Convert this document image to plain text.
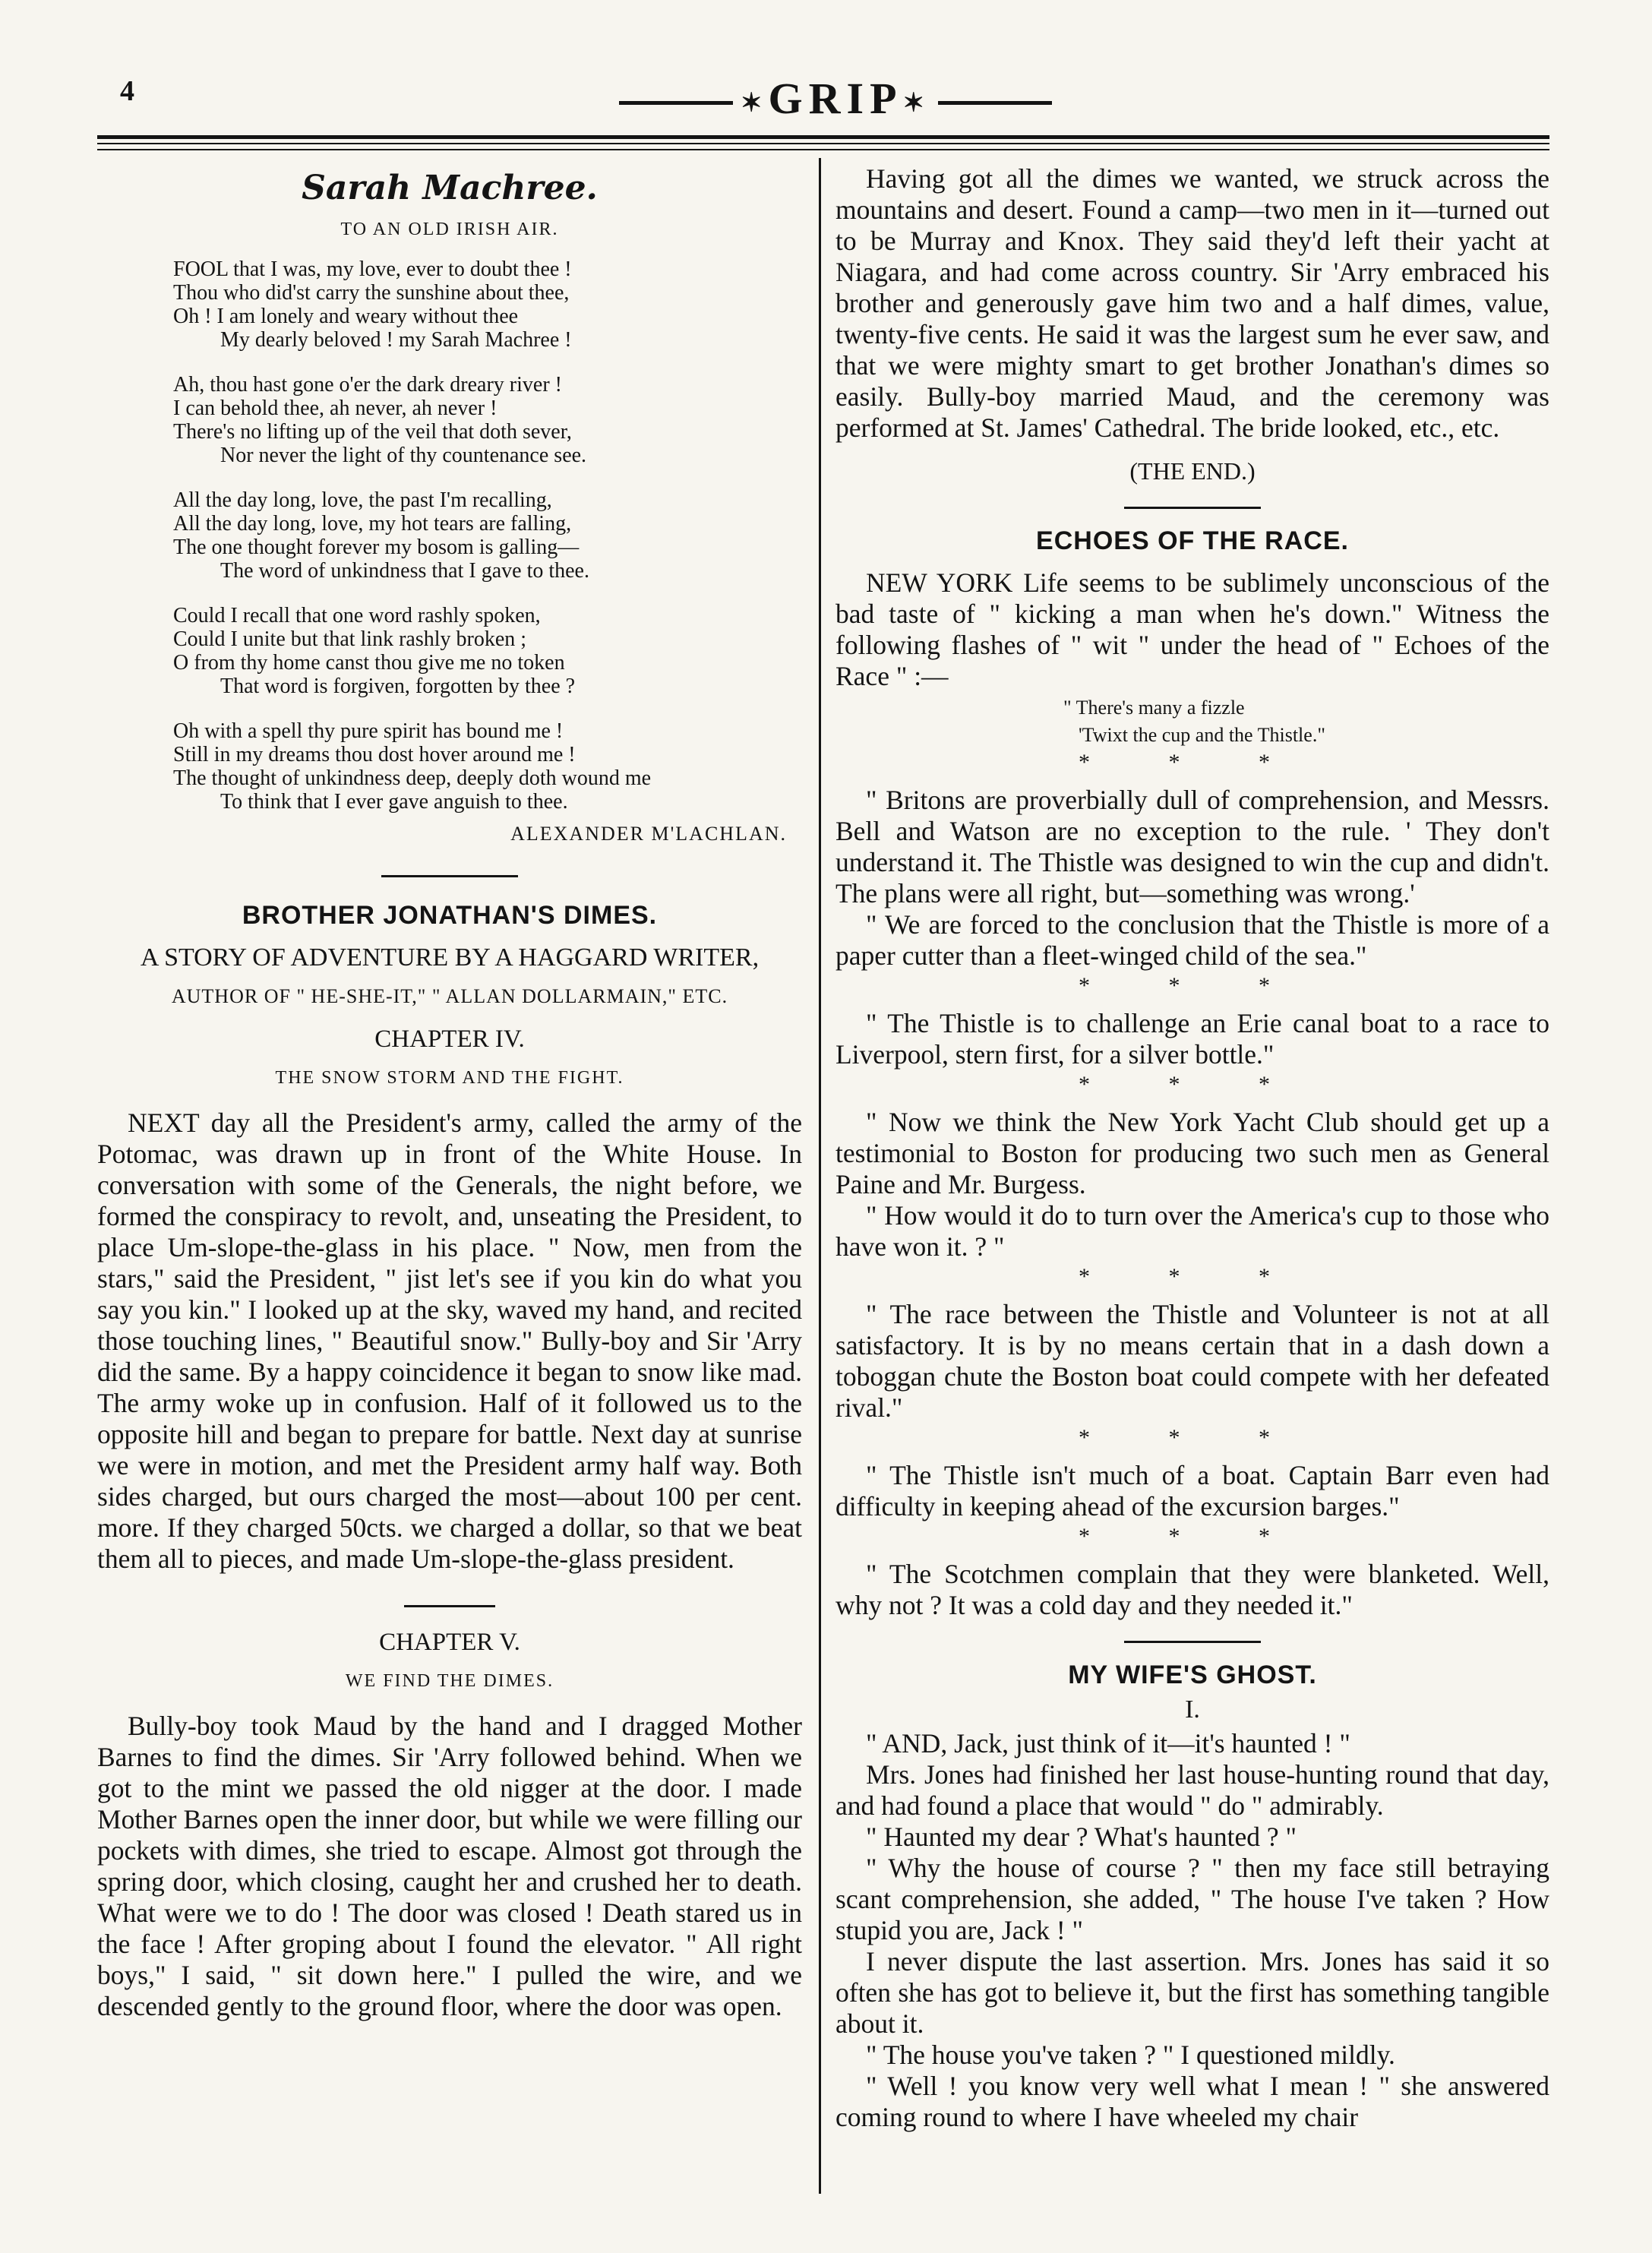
4	✶GRIP✶
Sarah Machree.
TO AN OLD IRISH AIR.
FOOL that I was, my love, ever to doubt thee !
Thou who did'st carry the sunshine about thee,
Oh ! I am lonely and weary without thee
My dearly beloved ! my Sarah Machree !
Ah, thou hast gone o'er the dark dreary river !
I can behold thee, ah never, ah never !
There's no lifting up of the veil that doth sever,
Nor never the light of thy countenance see.
All the day long, love, the past I'm recalling,
All the day long, love, my hot tears are falling,
The one thought forever my bosom is galling—
The word of unkindness that I gave to thee.
Could I recall that one word rashly spoken,
Could I unite but that link rashly broken ;
O from thy home canst thou give me no token
That word is forgiven, forgotten by thee ?
Oh with a spell thy pure spirit has bound me !
Still in my dreams thou dost hover around me !
The thought of unkindness deep, deeply doth wound me
To think that I ever gave anguish to thee.
ALEXANDER M'LACHLAN.
BROTHER JONATHAN'S DIMES.
A STORY OF ADVENTURE BY A HAGGARD WRITER,
AUTHOR OF " HE-SHE-IT," " ALLAN DOLLARMAIN," ETC.
CHAPTER IV.
THE SNOW STORM AND THE FIGHT.

NEXT day all the President's army, called the army of the Potomac, was drawn up in front of the White House. In conversation with some of the Generals, the night before, we formed the conspiracy to revolt, and, unseating the President, to place Um-slope-the-glass in his place. " Now, men from the stars," said the President, " jist let's see if you kin do what you say you kin." I looked up at the sky, waved my hand, and recited those touching lines, " Beautiful snow." Bully-boy and Sir 'Arry did the same. By a happy coincidence it began to snow like mad. The army woke up in confusion. Half of it followed us to the opposite hill and began to prepare for battle. Next day at sunrise we were in motion, and met the President army half way. Both sides charged, but ours charged the most—about 100 per cent. more. If they charged 50cts. we charged a dollar, so that we beat them all to pieces, and made Um-slope-the-glass president.

CHAPTER V.
WE FIND THE DIMES.

Bully-boy took Maud by the hand and I dragged Mother Barnes to find the dimes. Sir 'Arry followed behind. When we got to the mint we passed the old nigger at the door. I made Mother Barnes open the inner door, but while we were filling our pockets with dimes, she tried to escape. Almost got through the spring door, which closing, caught her and crushed her to death. What were we to do ! The door was closed ! Death stared us in the face ! After groping about I found the elevator. " All right boys," I said, " sit down here." I pulled the wire, and we descended gently to the ground floor, where the door was open.

Having got all the dimes we wanted, we struck across the mountains and desert. Found a camp—two men in it—turned out to be Murray and Knox. They said they'd left their yacht at Niagara, and had come across country. Sir 'Arry embraced his brother and generously gave him two and a half dimes, value, twenty-five cents. He said it was the largest sum he ever saw, and that we were mighty smart to get brother Jonathan's dimes so easily. Bully-boy married Maud, and the ceremony was performed at St. James' Cathedral. The bride looked, etc., etc.

(THE END.)
ECHOES OF THE RACE.

NEW YORK Life seems to be sublimely unconscious of the bad taste of " kicking a man when he's down." Witness the following flashes of " wit " under the head of " Echoes of the Race " :—

" There's many a fizzle
'Twixt the cup and the Thistle."
* * *

" Britons are proverbially dull of comprehension, and Messrs. Bell and Watson are no exception to the rule. ' They don't understand it. The Thistle was designed to win the cup and didn't. The plans were all right, but—something was wrong.'

" We are forced to the conclusion that the Thistle is more of a paper cutter than a fleet-winged child of the sea."

* * *

" The Thistle is to challenge an Erie canal boat to a race to Liverpool, stern first, for a silver bottle."

* * *

" Now we think the New York Yacht Club should get up a testimonial to Boston for producing two such men as General Paine and Mr. Burgess.

" How would it do to turn over the America's cup to those who have won it. ? "

* * *

" The race between the Thistle and Volunteer is not at all satisfactory. It is by no means certain that in a dash down a toboggan chute the Boston boat could compete with her defeated rival."

* * *

" The Thistle isn't much of a boat. Captain Barr even had difficulty in keeping ahead of the excursion barges."

* * *

" The Scotchmen complain that they were blanketed. Well, why not ? It was a cold day and they needed it."

MY WIFE'S GHOST.
I.

" AND, Jack, just think of it—it's haunted ! "

Mrs. Jones had finished her last house-hunting round that day, and had found a place that would " do " admirably.

" Haunted my dear ? What's haunted ? "

" Why the house of course ? " then my face still betraying scant comprehension, she added, " The house I've taken ? How stupid you are, Jack ! "

I never dispute the last assertion. Mrs. Jones has said it so often she has got to believe it, but the first has something tangible about it.

" The house you've taken ? " I questioned mildly.

" Well ! you know very well what I mean ! " she answered coming round to where I have wheeled my chair
